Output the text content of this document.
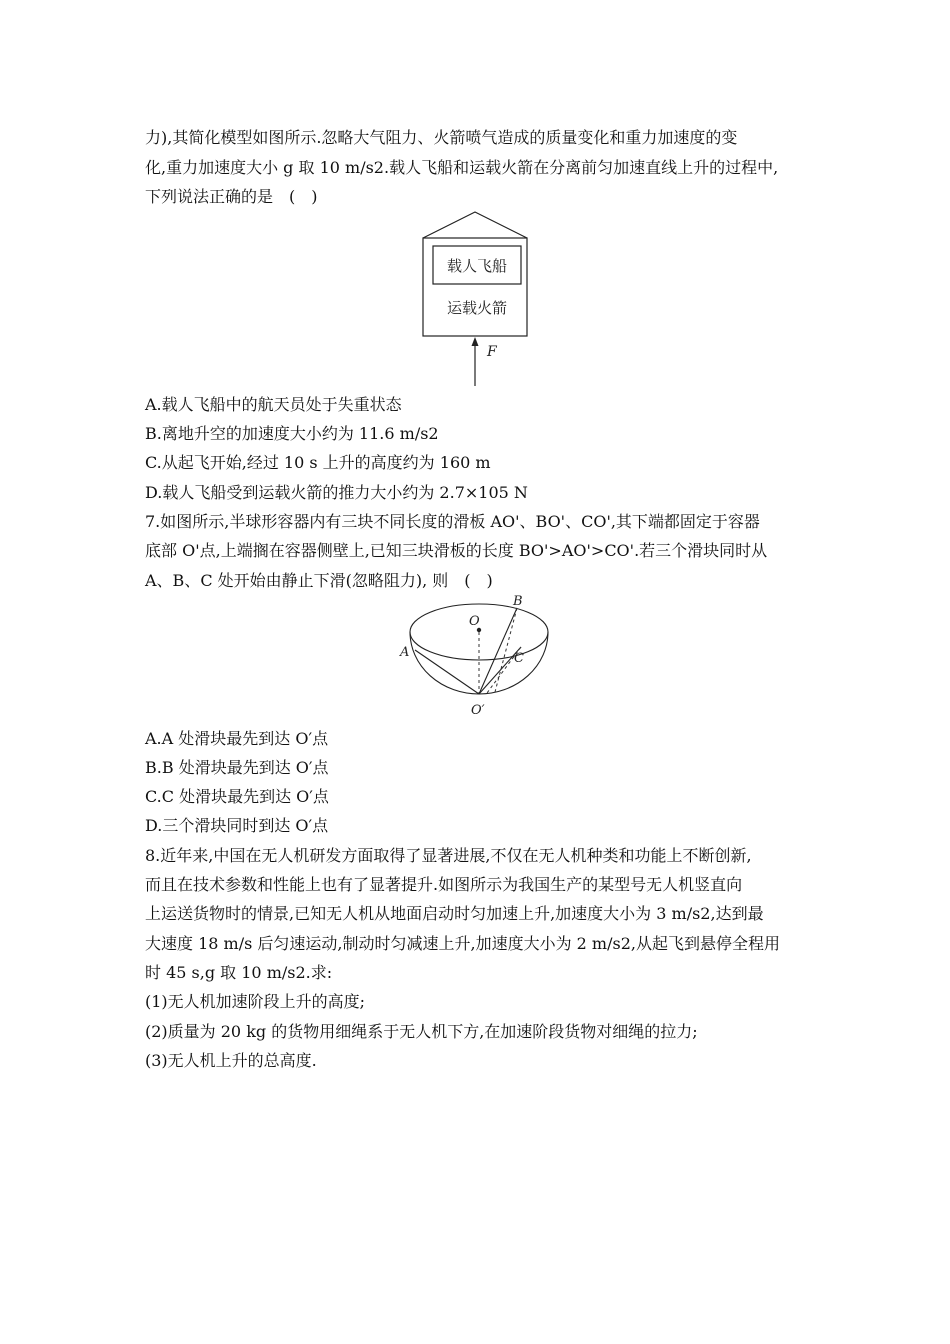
力),其简化模型如图所示.忽略大气阻力、火箭喷气造成的质量变化和重力加速度的变
化,重力加速度大小 g 取 10 m/s2.载人飞船和运载火箭在分离前匀加速直线上升的过程中,
下列说法正确的是　(　)
载人飞船
运载火箭
F
A.载人飞船中的航天员处于失重状态
B.离地升空的加速度大小约为 11.6 m/s2
C.从起飞开始,经过 10 s 上升的高度约为 160 m
D.载人飞船受到运载火箭的推力大小约为 2.7×105 N
7.如图所示,半球形容器内有三块不同长度的滑板 AO'、BO'、CO',其下端都固定于容器
底部 O'点,上端搁在容器侧壁上,已知三块滑板的长度 BO'>AO'>CO'.若三个滑块同时从
A、B、C 处开始由静止下滑(忽略阻力), 则　(　)
O
A
B
C
O′
A.A 处滑块最先到达 O′点
B.B 处滑块最先到达 O′点
C.C 处滑块最先到达 O′点
D.三个滑块同时到达 O′点
8.近年来,中国在无人机研发方面取得了显著进展,不仅在无人机种类和功能上不断创新,
而且在技术参数和性能上也有了显著提升.如图所示为我国生产的某型号无人机竖直向
上运送货物时的情景,已知无人机从地面启动时匀加速上升,加速度大小为 3 m/s2,达到最
大速度 18 m/s 后匀速运动,制动时匀减速上升,加速度大小为 2 m/s2,从起飞到悬停全程用
时 45 s,g 取 10 m/s2.求:
(1)无人机加速阶段上升的高度;
(2)质量为 20 kg 的货物用细绳系于无人机下方,在加速阶段货物对细绳的拉力;
(3)无人机上升的总高度.
